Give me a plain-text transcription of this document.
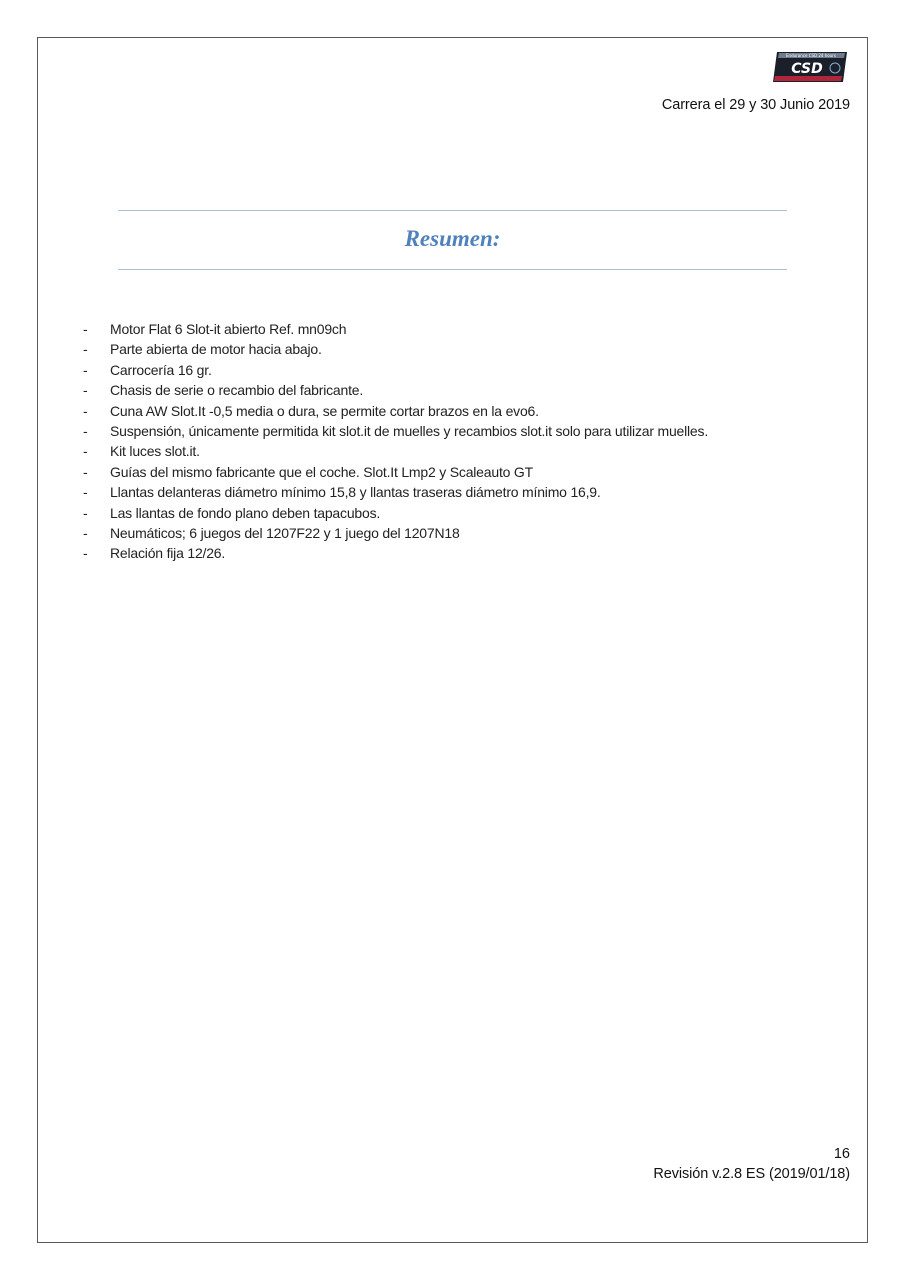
Endurance CSD 24 hours
CSD
Carrera el 29 y 30 Junio 2019
Resumen:
-	Motor Flat 6 Slot-it abierto Ref. mn09ch
-	Parte abierta de motor hacia abajo.
-	Carrocería 16 gr.
-	Chasis de serie o recambio del fabricante.
-	Cuna AW Slot.It -0,5 media o dura, se permite cortar brazos en la evo6.
-	Suspensión, únicamente permitida kit slot.it de muelles y recambios slot.it solo para utilizar muelles.
-	Kit luces slot.it.
-	Guías del mismo fabricante que el coche. Slot.It Lmp2 y Scaleauto GT
-	Llantas delanteras diámetro mínimo 15,8 y llantas traseras diámetro mínimo 16,9.
-	Las llantas de fondo plano deben tapacubos.
-	Neumáticos; 6 juegos del 1207F22 y 1 juego del 1207N18
-	Relación fija 12/26.
16
Revisión v.2.8 ES (2019/01/18)
